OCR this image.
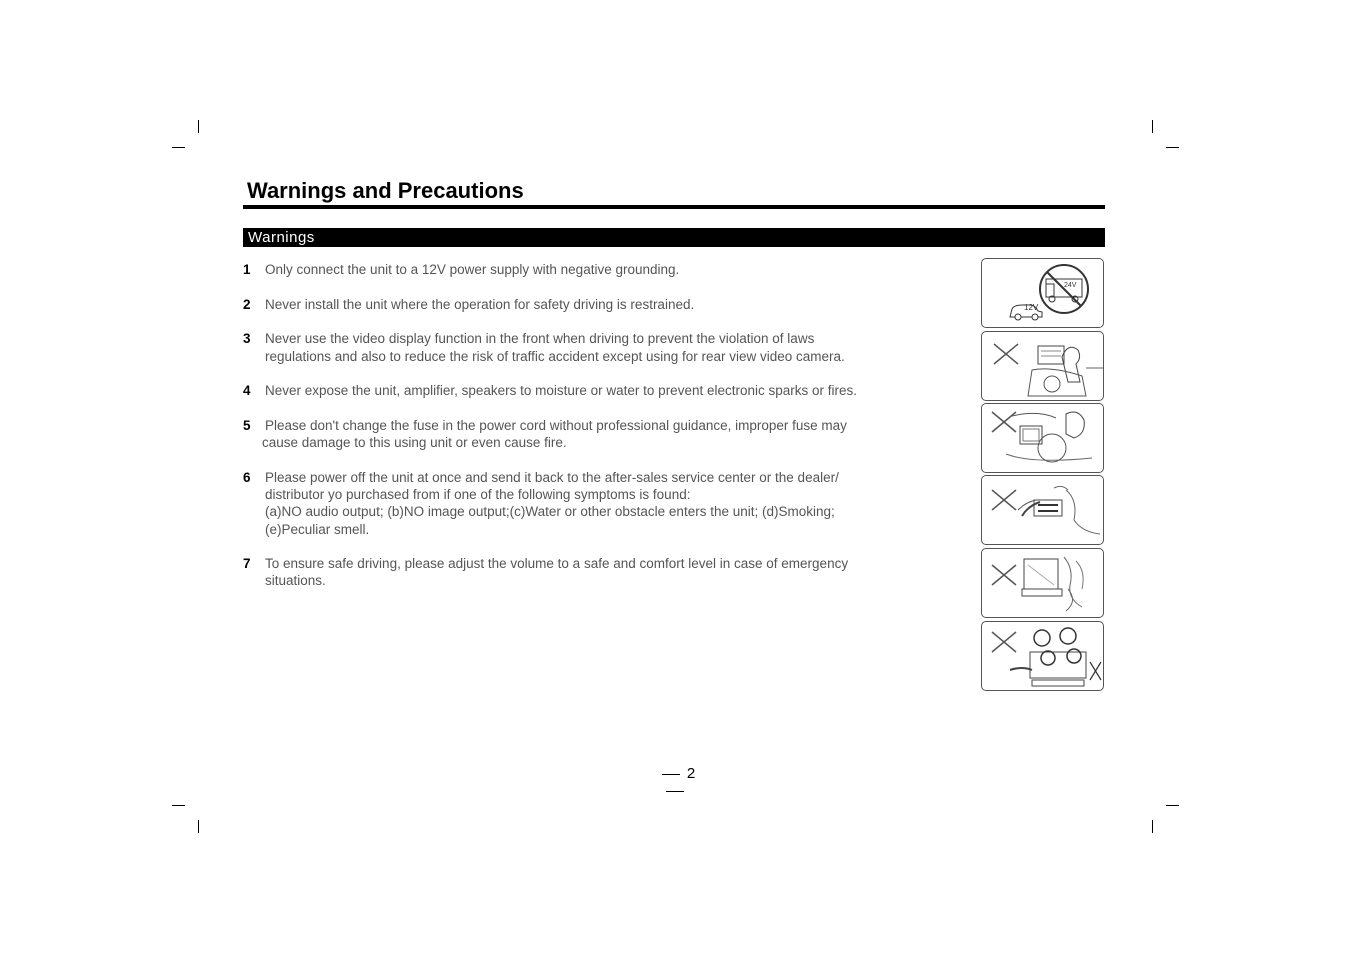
Warnings and Precautions
Warnings
1 Only connect the unit to a 12V power supply with negative grounding.
2 Never install the unit where the operation for safety driving is restrained.
3 Never use the video display function in the front when driving to prevent the violation of laws
regulations and also to reduce the risk of traffic accident except using for rear view video camera.
4 Never expose the unit, amplifier, speakers to moisture or water to prevent electronic sparks or fires.
5 Please don't change the fuse in the power cord without professional guidance, improper fuse may
cause damage to this using unit or even cause fire.
6 Please power off the unit at once and send it back to the after-sales service center or the dealer/
distributor yo purchased from if one of the following symptoms is found:
(a)NO audio output; (b)NO image output;(c)Water or other obstacle enters the unit; (d)Smoking;
(e)Peculiar smell.
7 To ensure safe driving, please adjust the volume to a safe and comfort level in case of emergency
situations.
24V
12V
2
